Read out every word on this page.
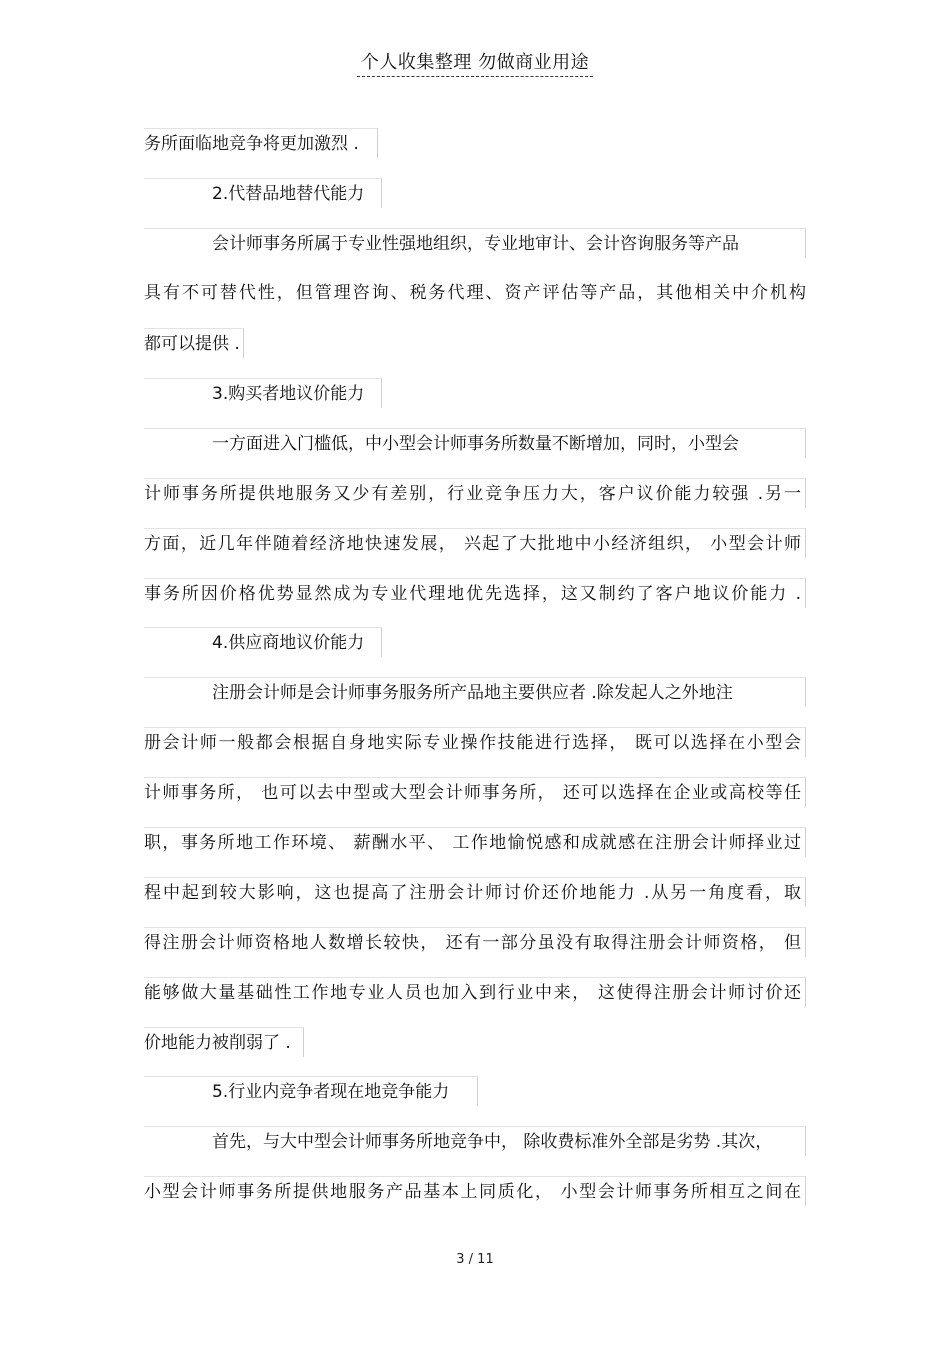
个人收集整理 勿做商业用途
务所面临地竞争将更加激烈 .
2.代替品地替代能力
会计师事务所属于专业性强地组织，专业地审计、会计咨询服务等产品
具有不可替代性，但管理咨询、税务代理、资产评估等产品，其他相关中介机构
都可以提供 .
3.购买者地议价能力
一方面进入门槛低，中小型会计师事务所数量不断增加，同时，小型会
计师事务所提供地服务又少有差别，行业竞争压力大，客户议价能力较强 .另一
方面，近几年伴随着经济地快速发展， 兴起了大批地中小经济组织， 小型会计师
事务所因价格优势显然成为专业代理地优先选择，这又制约了客户地议价能力 .
4.供应商地议价能力
注册会计师是会计师事务服务所产品地主要供应者 .除发起人之外地注
册会计师一般都会根据自身地实际专业操作技能进行选择， 既可以选择在小型会
计师事务所， 也可以去中型或大型会计师事务所， 还可以选择在企业或高校等任
职，事务所地工作环境、 薪酬水平、 工作地愉悦感和成就感在注册会计师择业过
程中起到较大影响，这也提高了注册会计师讨价还价地能力 .从另一角度看，取
得注册会计师资格地人数增长较快， 还有一部分虽没有取得注册会计师资格， 但
能够做大量基础性工作地专业人员也加入到行业中来， 这使得注册会计师讨价还
价地能力被削弱了 .
5.行业内竞争者现在地竞争能力
首先，与大中型会计师事务所地竞争中， 除收费标准外全部是劣势 .其次，
小型会计师事务所提供地服务产品基本上同质化， 小型会计师事务所相互之间在
3 / 11
